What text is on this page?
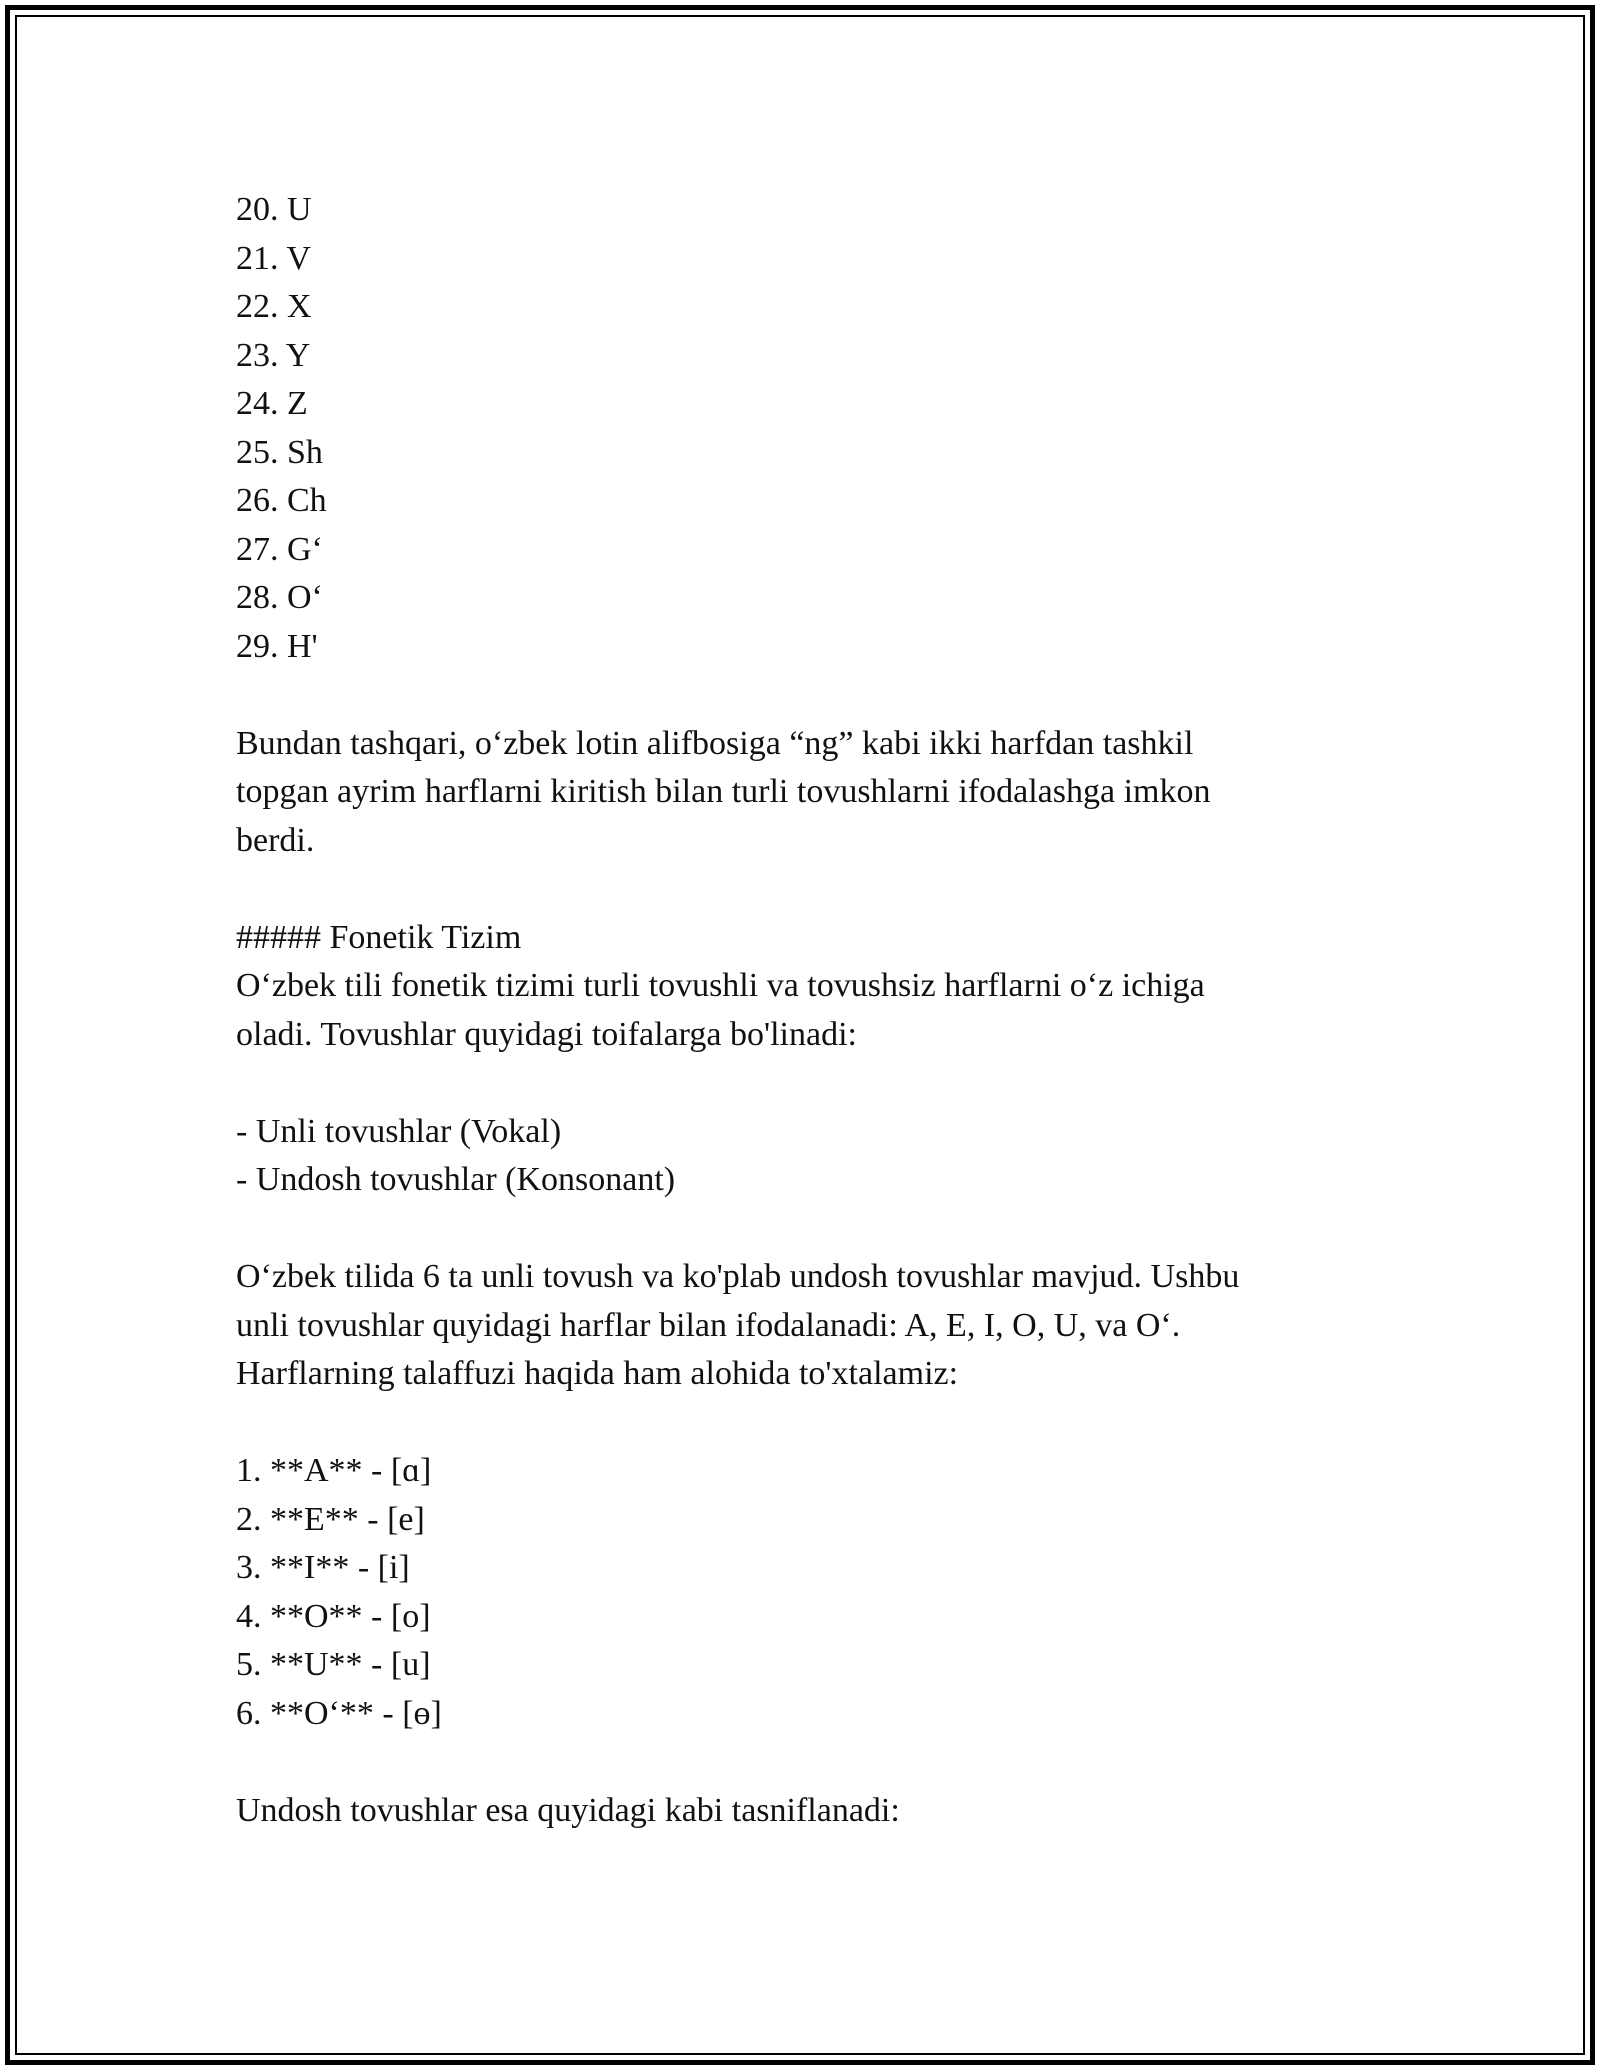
20. U
21. V
22. X
23. Y
24. Z
25. Sh
26. Ch
27. G‘
28. O‘
29. H'
Bundan tashqari, o‘zbek lotin alifbosiga “ng” kabi ikki harfdan tashkil
topgan ayrim harflarni kiritish bilan turli tovushlarni ifodalashga imkon
berdi.
##### Fonetik Tizim
O‘zbek tili fonetik tizimi turli tovushli va tovushsiz harflarni o‘z ichiga
oladi. Tovushlar quyidagi toifalarga bo'linadi:
- Unli tovushlar (Vokal)
- Undosh tovushlar (Konsonant)
O‘zbek tilida 6 ta unli tovush va ko'plab undosh tovushlar mavjud. Ushbu
unli tovushlar quyidagi harflar bilan ifodalanadi: A, E, I, O, U, va O‘.
Harflarning talaffuzi haqida ham alohida to'xtalamiz:
1. **A** - [ɑ]
2. **E** - [e]
3. **I** - [i]
4. **O** - [o]
5. **U** - [u]
6. **O‘** - [ɵ]
Undosh tovushlar esa quyidagi kabi tasniflanadi:
